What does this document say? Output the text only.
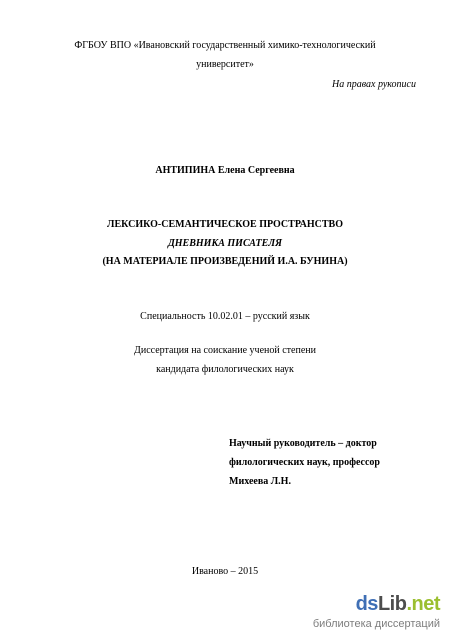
ФГБОУ ВПО «Ивановский государственный химико-технологический
университет»
На правах рукописи
АНТИПИНА Елена Сергеевна
ЛЕКСИКО-СЕМАНТИЧЕСКОЕ ПРОСТРАНСТВО
ДНЕВНИКА ПИСАТЕЛЯ
(НА МАТЕРИАЛЕ ПРОИЗВЕДЕНИЙ И.А. БУНИНА)
Специальность 10.02.01 – русский язык
Диссертация на соискание ученой степени
кандидата филологических наук
Научный руководитель – доктор
филологических наук, профессор
Михеева Л.Н.
Иваново – 2015
ds Lib .net
библиотека диссертаций
